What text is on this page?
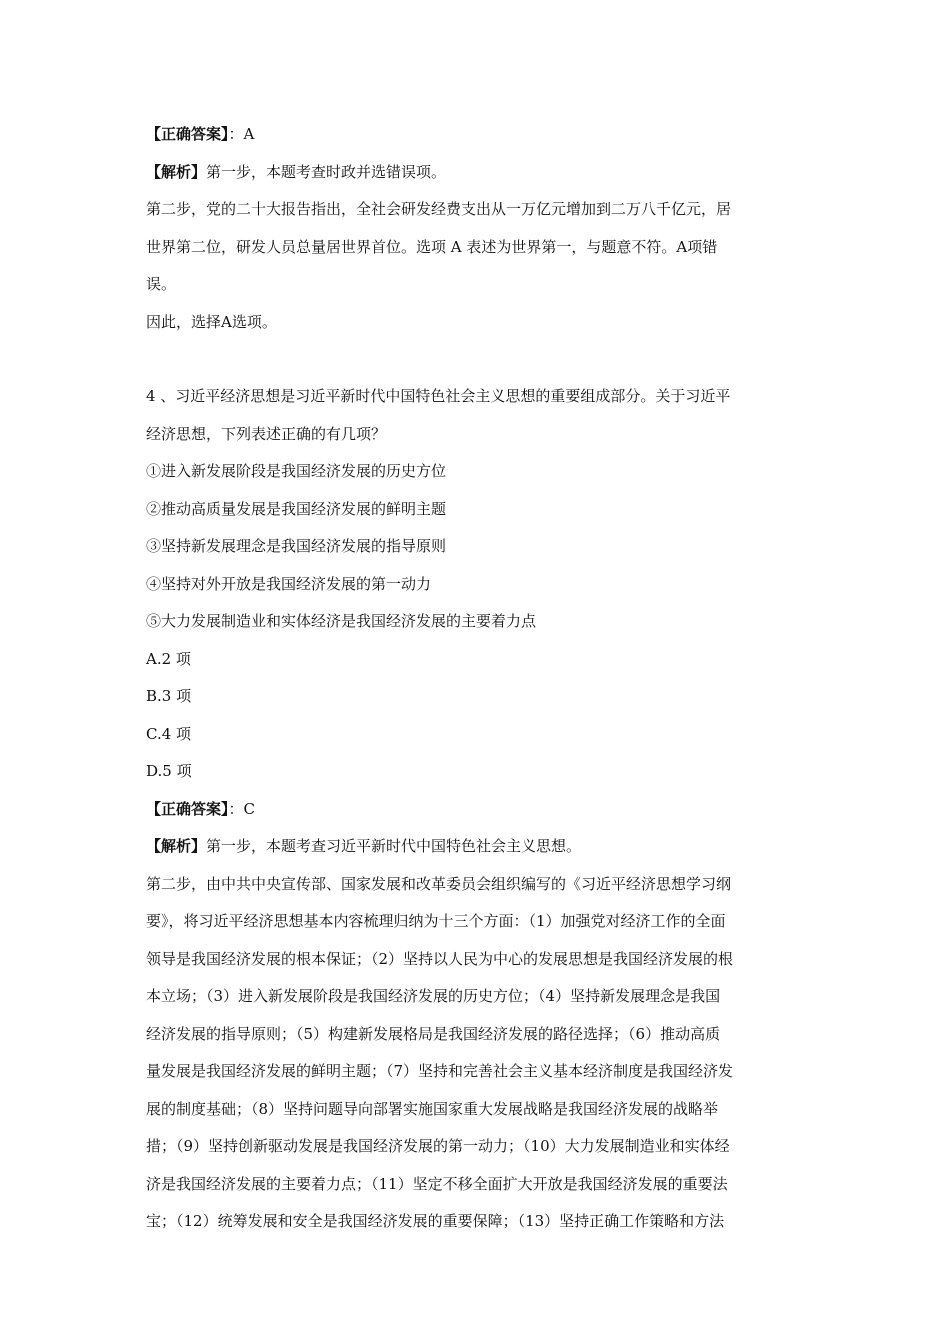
【正确答案】：A
【解析】第一步，本题考查时政并选错误项。
第二步，党的二十大报告指出，全社会研发经费支出从一万亿元增加到二万八千亿元，居
世界第二位，研发人员总量居世界首位。选项 A 表述为世界第一，与题意不符。A项错
误。
因此，选择A选项。
4 、习近平经济思想是习近平新时代中国特色社会主义思想的重要组成部分。关于习近平
经济思想，下列表述正确的有几项？
①进入新发展阶段是我国经济发展的历史方位
②推动高质量发展是我国经济发展的鲜明主题
③坚持新发展理念是我国经济发展的指导原则
④坚持对外开放是我国经济发展的第一动力
⑤大力发展制造业和实体经济是我国经济发展的主要着力点
A.2 项
B.3 项
C.4 项
D.5 项
【正确答案】：C
【解析】第一步，本题考查习近平新时代中国特色社会主义思想。
第二步，由中共中央宣传部、国家发展和改革委员会组织编写的《习近平经济思想学习纲
要》，将习近平经济思想基本内容梳理归纳为十三个方面：（1）加强党对经济工作的全面
领导是我国经济发展的根本保证；（2）坚持以人民为中心的发展思想是我国经济发展的根
本立场；（3）进入新发展阶段是我国经济发展的历史方位；（4）坚持新发展理念是我国
经济发展的指导原则；（5）构建新发展格局是我国经济发展的路径选择；（6）推动高质
量发展是我国经济发展的鲜明主题；（7）坚持和完善社会主义基本经济制度是我国经济发
展的制度基础；（8）坚持问题导向部署实施国家重大发展战略是我国经济发展的战略举
措；（9）坚持创新驱动发展是我国经济发展的第一动力；（10）大力发展制造业和实体经
济是我国经济发展的主要着力点；（11）坚定不移全面扩大开放是我国经济发展的重要法
宝；（12）统筹发展和安全是我国经济发展的重要保障；（13）坚持正确工作策略和方法
